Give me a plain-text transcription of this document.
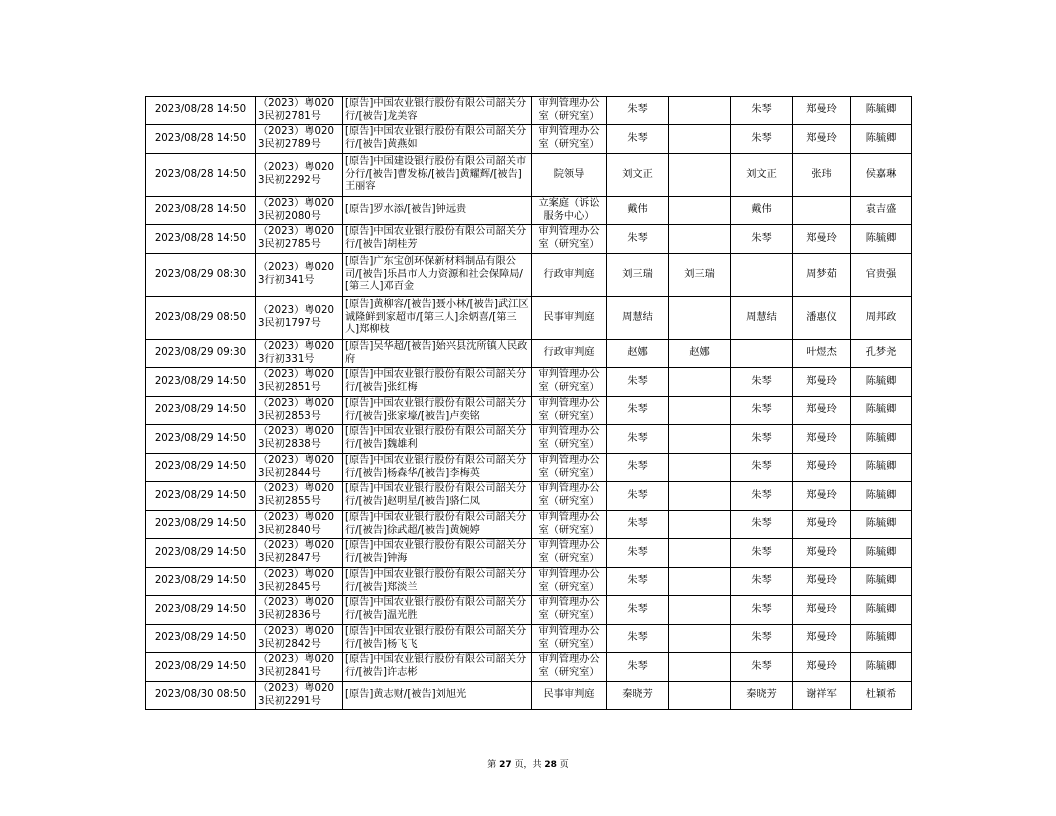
2023/08/28 14:50	（2023）粤0203民初2781号	[原告]中国农业银行股份有限公司韶关分行/[被告]龙美容	审判管理办公室（研究室）	朱琴		朱琴	郑曼玲	陈毓卿
2023/08/28 14:50	（2023）粤0203民初2789号	[原告]中国农业银行股份有限公司韶关分行/[被告]黄燕如	审判管理办公室（研究室）	朱琴		朱琴	郑曼玲	陈毓卿
2023/08/28 14:50	（2023）粤0203民初2292号	[原告]中国建设银行股份有限公司韶关市分行/[被告]曹发栋/[被告]黄耀辉/[被告]王丽容	院领导	刘文正		刘文正	张玮	侯嘉琳
2023/08/28 14:50	（2023）粤0203民初2080号	[原告]罗水添/[被告]钟远贵	立案庭（诉讼服务中心）	戴伟		戴伟		袁吉盛
2023/08/28 14:50	（2023）粤0203民初2785号	[原告]中国农业银行股份有限公司韶关分行/[被告]胡桂芳	审判管理办公室（研究室）	朱琴		朱琴	郑曼玲	陈毓卿
2023/08/29 08:30	（2023）粤0203行初341号	[原告]广东宝创环保新材料制品有限公司/[被告]乐昌市人力资源和社会保障局/[第三人]邓百金	行政审判庭	刘三瑞	刘三瑞		周梦茹	官贵强
2023/08/29 08:50	（2023）粤0203民初1797号	[原告]黄柳容/[被告]聂小林/[被告]武江区诚隆鲜到家超市/[第三人]余炳喜/[第三人]郑柳枝	民事审判庭	周慧结		周慧结	潘惠仪	周邦政
2023/08/29 09:30	（2023）粤0203行初331号	[原告]吴华超/[被告]始兴县沈所镇人民政府	行政审判庭	赵娜	赵娜		叶煜杰	孔梦尧
2023/08/29 14:50	（2023）粤0203民初2851号	[原告]中国农业银行股份有限公司韶关分行/[被告]张红梅	审判管理办公室（研究室）	朱琴		朱琴	郑曼玲	陈毓卿
2023/08/29 14:50	（2023）粤0203民初2853号	[原告]中国农业银行股份有限公司韶关分行/[被告]张家壕/[被告]卢奕铭	审判管理办公室（研究室）	朱琴		朱琴	郑曼玲	陈毓卿
2023/08/29 14:50	（2023）粤0203民初2838号	[原告]中国农业银行股份有限公司韶关分行/[被告]魏雄利	审判管理办公室（研究室）	朱琴		朱琴	郑曼玲	陈毓卿
2023/08/29 14:50	（2023）粤0203民初2844号	[原告]中国农业银行股份有限公司韶关分行/[被告]杨森华/[被告]李梅英	审判管理办公室（研究室）	朱琴		朱琴	郑曼玲	陈毓卿
2023/08/29 14:50	（2023）粤0203民初2855号	[原告]中国农业银行股份有限公司韶关分行/[被告]赵明星/[被告]骆仁凤	审判管理办公室（研究室）	朱琴		朱琴	郑曼玲	陈毓卿
2023/08/29 14:50	（2023）粤0203民初2840号	[原告]中国农业银行股份有限公司韶关分行/[被告]徐武超/[被告]黄婉婷	审判管理办公室（研究室）	朱琴		朱琴	郑曼玲	陈毓卿
2023/08/29 14:50	（2023）粤0203民初2847号	[原告]中国农业银行股份有限公司韶关分行/[被告]钟海	审判管理办公室（研究室）	朱琴		朱琴	郑曼玲	陈毓卿
2023/08/29 14:50	（2023）粤0203民初2845号	[原告]中国农业银行股份有限公司韶关分行/[被告]郑淡兰	审判管理办公室（研究室）	朱琴		朱琴	郑曼玲	陈毓卿
2023/08/29 14:50	（2023）粤0203民初2836号	[原告]中国农业银行股份有限公司韶关分行/[被告]温光胜	审判管理办公室（研究室）	朱琴		朱琴	郑曼玲	陈毓卿
2023/08/29 14:50	（2023）粤0203民初2842号	[原告]中国农业银行股份有限公司韶关分行/[被告]杨飞飞	审判管理办公室（研究室）	朱琴		朱琴	郑曼玲	陈毓卿
2023/08/29 14:50	（2023）粤0203民初2841号	[原告]中国农业银行股份有限公司韶关分行/[被告]许志彬	审判管理办公室（研究室）	朱琴		朱琴	郑曼玲	陈毓卿
2023/08/30 08:50	（2023）粤0203民初2291号	[原告]黄志财/[被告]刘旭光	民事审判庭	秦晓芳		秦晓芳	谢祥军	杜颖希
第 27 页，共 28 页
